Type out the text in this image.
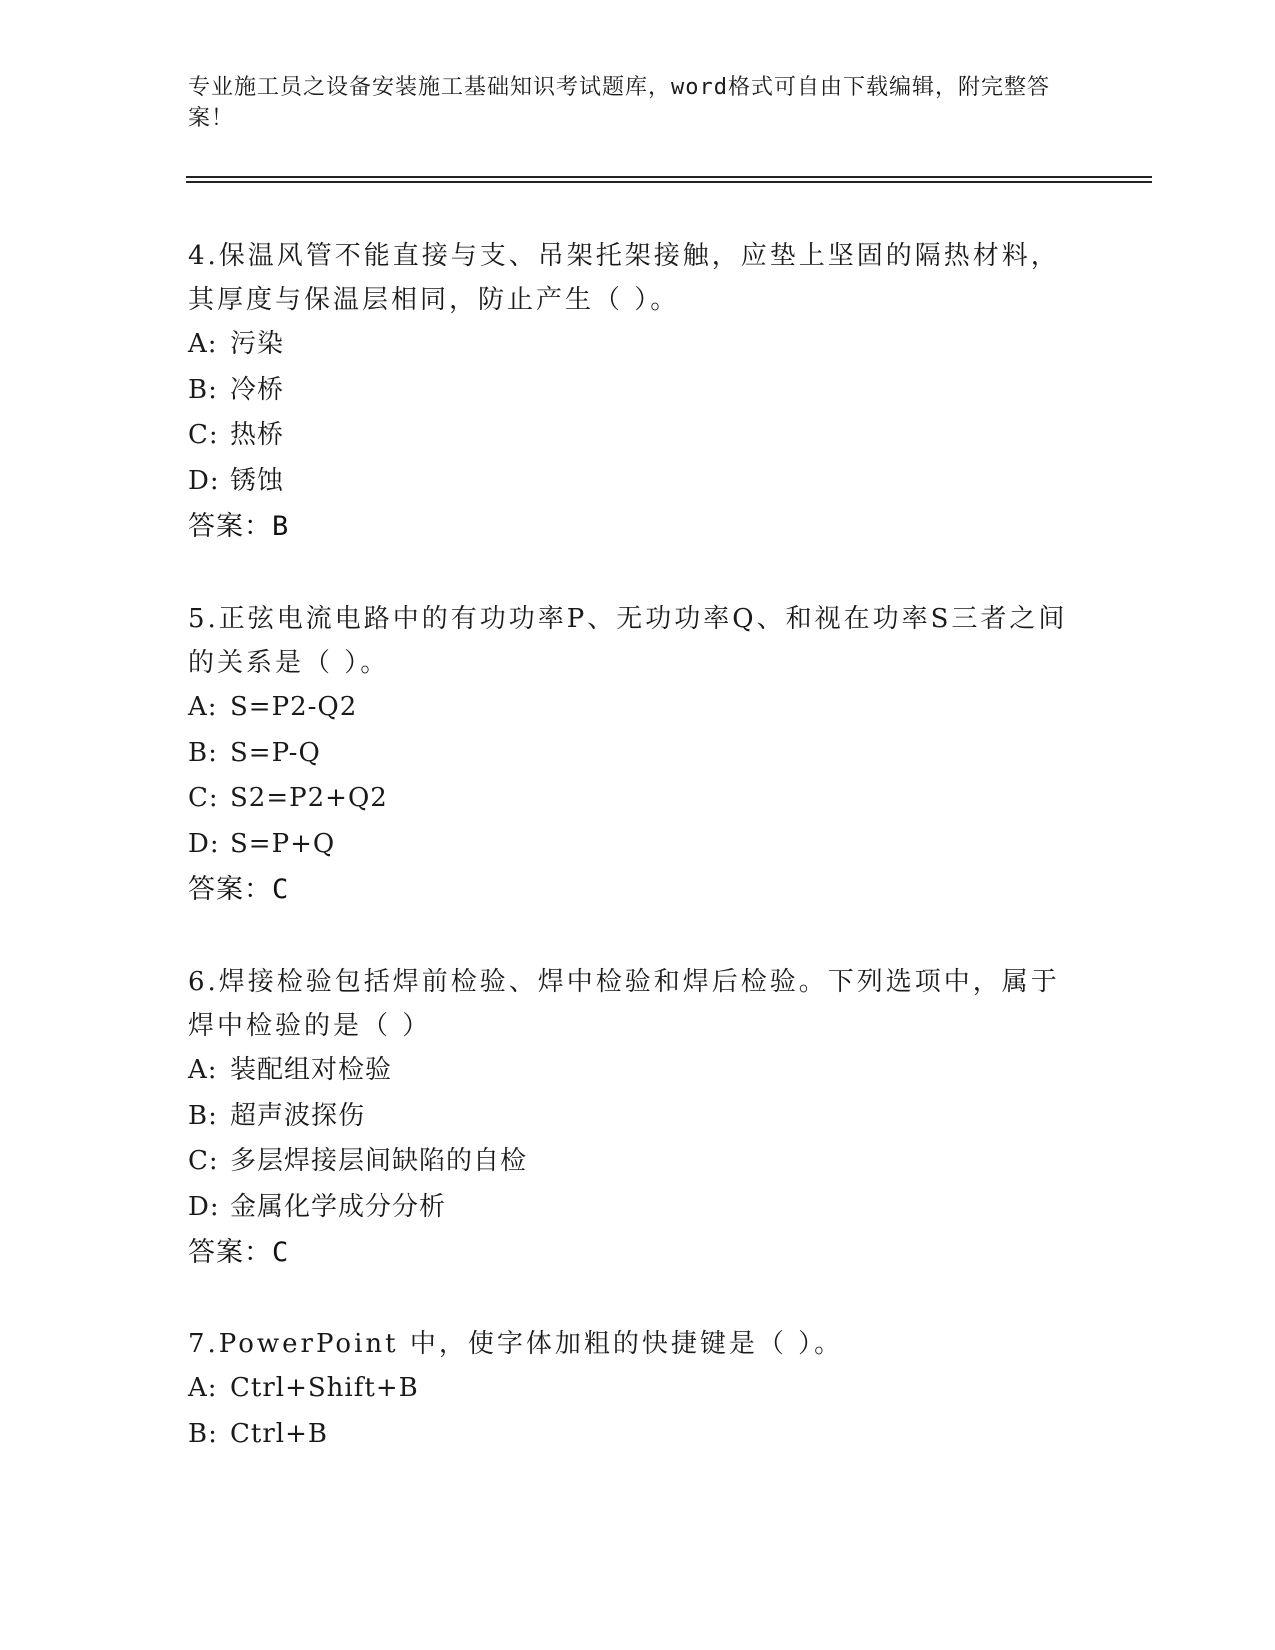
专业施工员之设备安装施工基础知识考试题库，word格式可自由下载编辑，附完整答案！

4.保温风管不能直接与支、吊架托架接触，应垫上坚固的隔热材料，其厚度与保温层相同，防止产生（ ）。

A: 污染
B: 冷桥
C: 热桥
D: 锈蚀
答案：B

5.正弦电流电路中的有功功率P、无功功率Q、和视在功率S三者之间的关系是（ ）。

A: S=P2-Q2
B: S=P-Q
C: S2=P2+Q2
D: S=P+Q
答案：C

6.焊接检验包括焊前检验、焊中检验和焊后检验。下列选项中，属于焊中检验的是（ ）

A: 装配组对检验
B: 超声波探伤
C: 多层焊接层间缺陷的自检
D: 金属化学成分分析
答案：C

7.PowerPoint 中，使字体加粗的快捷键是（ ）。

A: Ctrl+Shift+B
B: Ctrl+B
